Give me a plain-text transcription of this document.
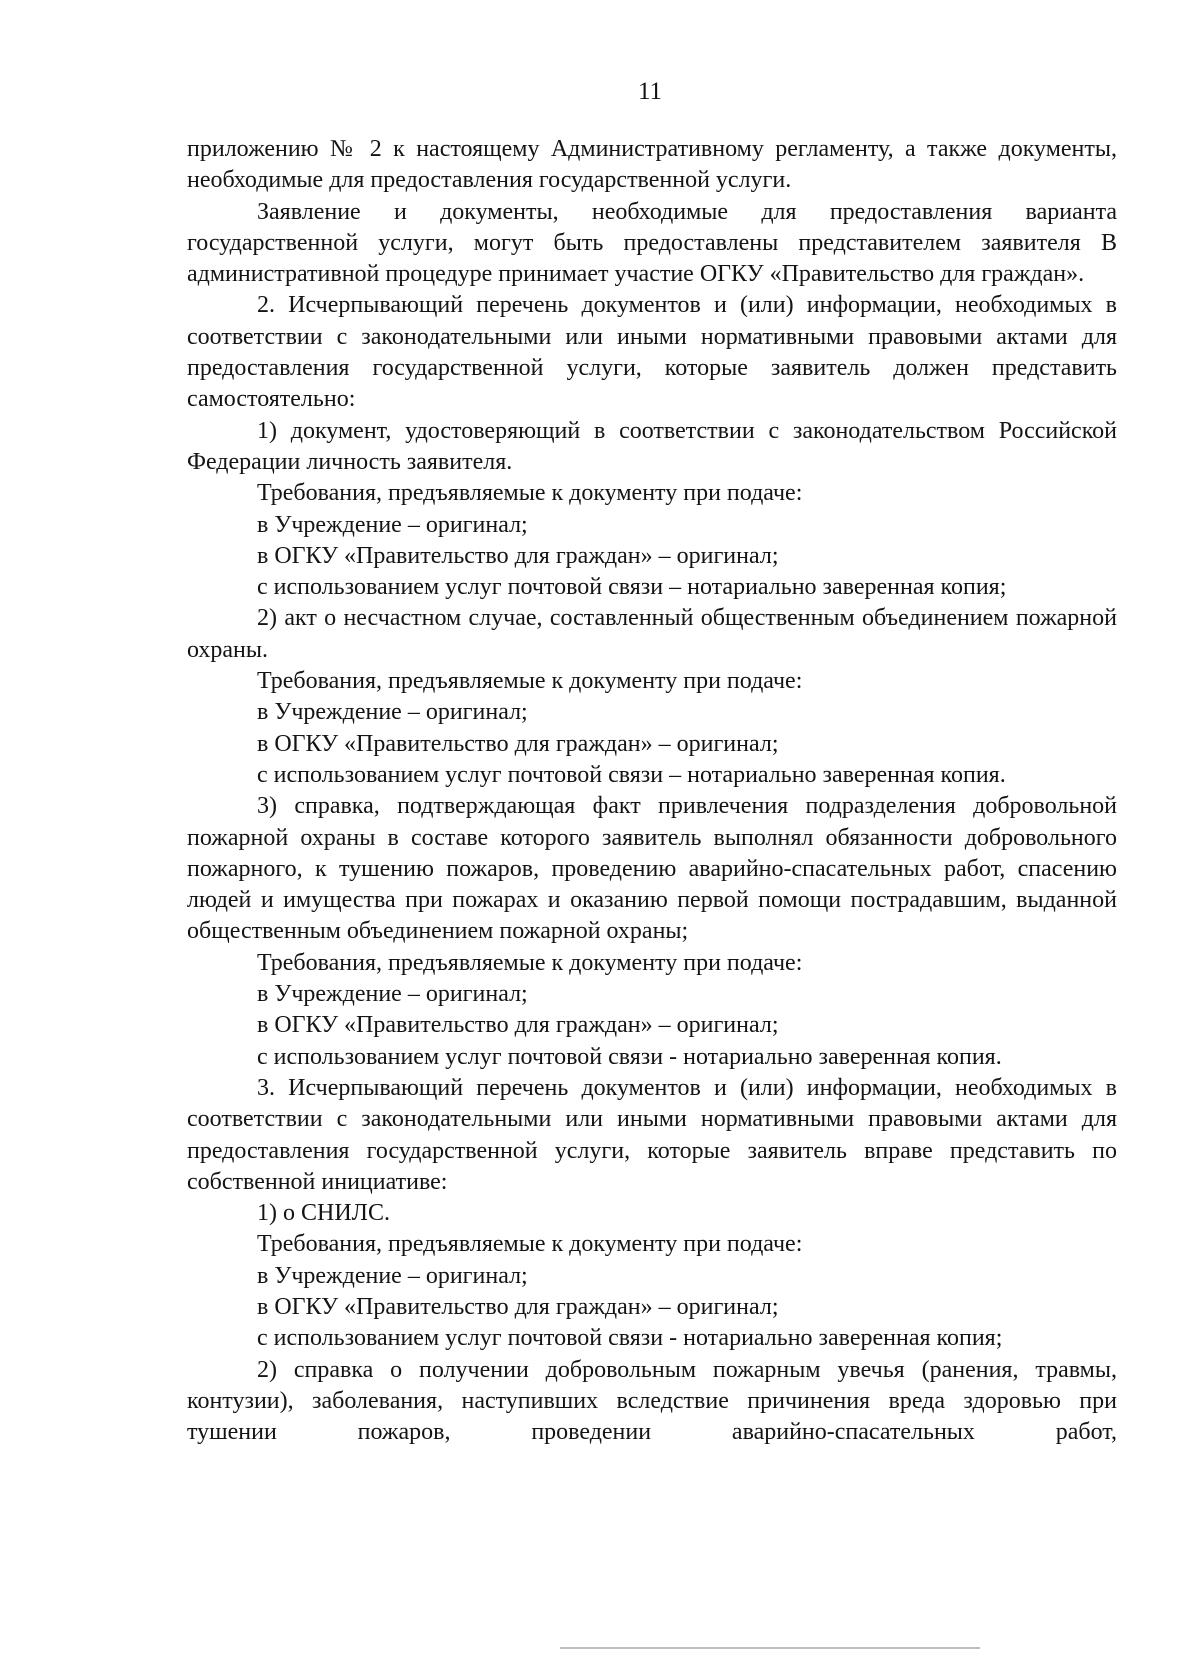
11

приложению № 2 к настоящему Административному регламенту, а также документы, необходимые для предоставления государственной услуги.

Заявление и документы, необходимые для предоставления варианта государственной услуги, могут быть предоставлены представителем заявителя В административной процедуре принимает участие ОГКУ «Правительство для граждан».

2. Исчерпывающий перечень документов и (или) информации, необходимых в соответствии с законодательными или иными нормативными правовыми актами для предоставления государственной услуги, которые заявитель должен представить самостоятельно:

1) документ, удостоверяющий в соответствии с законодательством Российской Федерации личность заявителя.

Требования, предъявляемые к документу при подаче:

в Учреждение – оригинал;

в ОГКУ «Правительство для граждан» – оригинал;

с использованием услуг почтовой связи – нотариально заверенная копия;

2) акт о несчастном случае, составленный общественным объединением пожарной охраны.

Требования, предъявляемые к документу при подаче:

в Учреждение – оригинал;

в ОГКУ «Правительство для граждан» – оригинал;

с использованием услуг почтовой связи – нотариально заверенная копия.

3) справка, подтверждающая факт привлечения подразделения добровольной пожарной охраны в составе которого заявитель выполнял обязанности добровольного пожарного, к тушению пожаров, проведению аварийно-спасательных работ, спасению людей и имущества при пожарах и оказанию первой помощи пострадавшим, выданной общественным объединением пожарной охраны;

Требования, предъявляемые к документу при подаче:

в Учреждение – оригинал;

в ОГКУ «Правительство для граждан» – оригинал;

с использованием услуг почтовой связи - нотариально заверенная копия.

3. Исчерпывающий перечень документов и (или) информации, необходимых в соответствии с законодательными или иными нормативными правовыми актами для предоставления государственной услуги, которые заявитель вправе представить по собственной инициативе:

1) о СНИЛС.

Требования, предъявляемые к документу при подаче:

в Учреждение – оригинал;

в ОГКУ «Правительство для граждан» – оригинал;

с использованием услуг почтовой связи - нотариально заверенная копия;

2) справка о получении добровольным пожарным увечья (ранения, травмы, контузии), заболевания, наступивших вследствие причинения вреда здоровью при тушении пожаров, проведении аварийно-спасательных работ,
